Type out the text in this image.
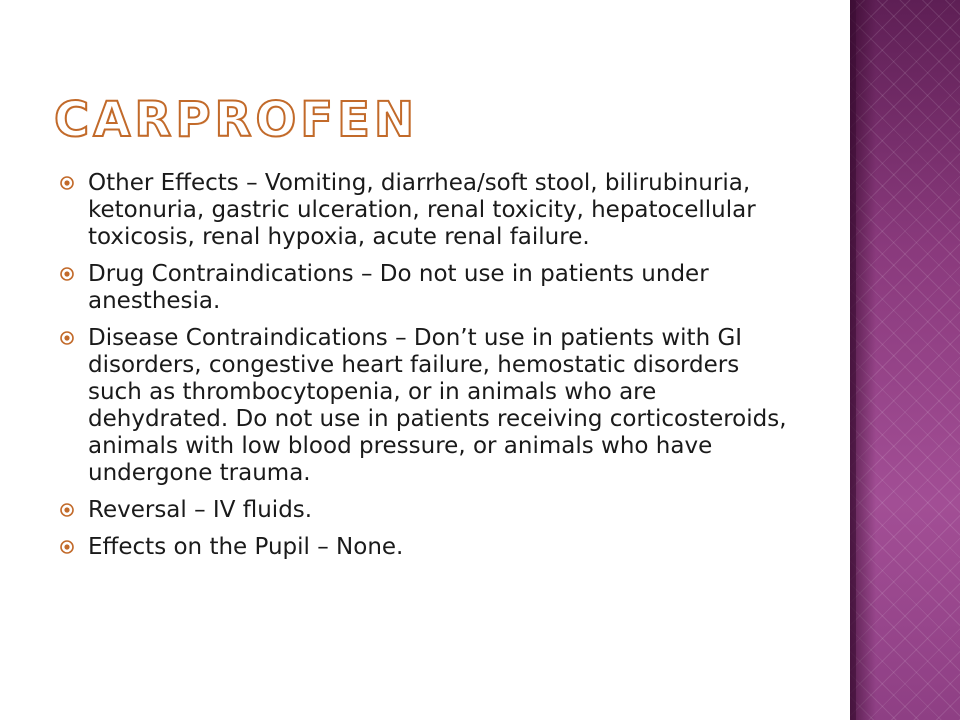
CARPROFEN
Other Effects – Vomiting, diarrhea/soft stool, bilirubinuria, ketonuria, gastric ulceration, renal toxicity, hepatocellular toxicosis, renal hypoxia, acute renal failure.
Drug Contraindications – Do not use in patients under anesthesia.
Disease Contraindications – Don’t use in patients with GI disorders, congestive heart failure, hemostatic disorders such as thrombocytopenia, or in animals who are dehydrated. Do not use in patients receiving corticosteroids, animals with low blood pressure, or animals who have undergone trauma.
Reversal – IV fluids.
Effects on the Pupil – None.
